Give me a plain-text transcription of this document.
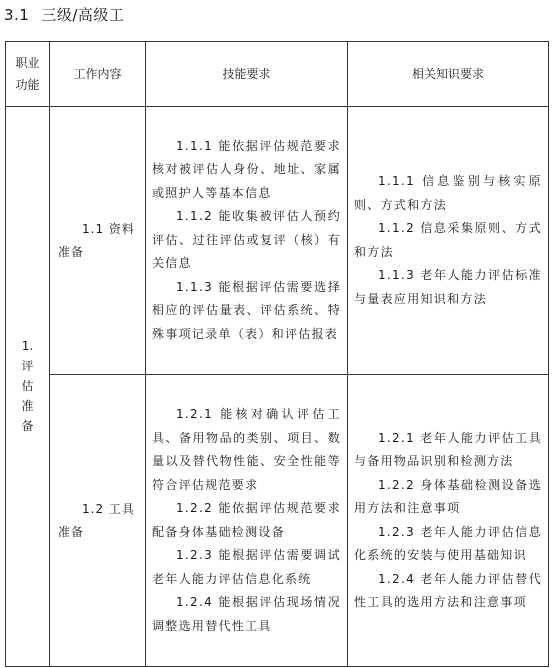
3.1 三级/高级工
职业功能	工作内容	技能要求	相关知识要求
1.
评估准备	1.1 资料准备	1.1.1 能依据评估规范要求核对被评估人身份、地址、家属或照护人等基本信息
1.1.2 能收集被评估人预约评估、过往评估或复评（核）有关信息
1.1.3 能根据评估需要选择相应的评估量表、评估系统、特殊事项记录单（表）和评估报表	1.1.1 信息鉴别与核实原则、方式和方法
1.1.2 信息采集原则、方式和方法
1.1.3 老年人能力评估标准与量表应用知识和方法

	1.2 工具准备	1.2.1 能核对确认评估工具、备用物品的类别、项目、数量以及替代物性能、安全性能等符合评估规范要求
1.2.2 能依据评估规范要求配备身体基础检测设备
1.2.3 能根据评估需要调试老年人能力评估信息化系统
1.2.4 能根据评估现场情况调整选用替代性工具	1.2.1 老年人能力评估工具与备用物品识别和检测方法
1.2.2 身体基础检测设备选用方法和注意事项
1.2.3 老年人能力评估信息化系统的安装与使用基础知识
1.2.4 老年人能力评估替代性工具的选用方法和注意事项
